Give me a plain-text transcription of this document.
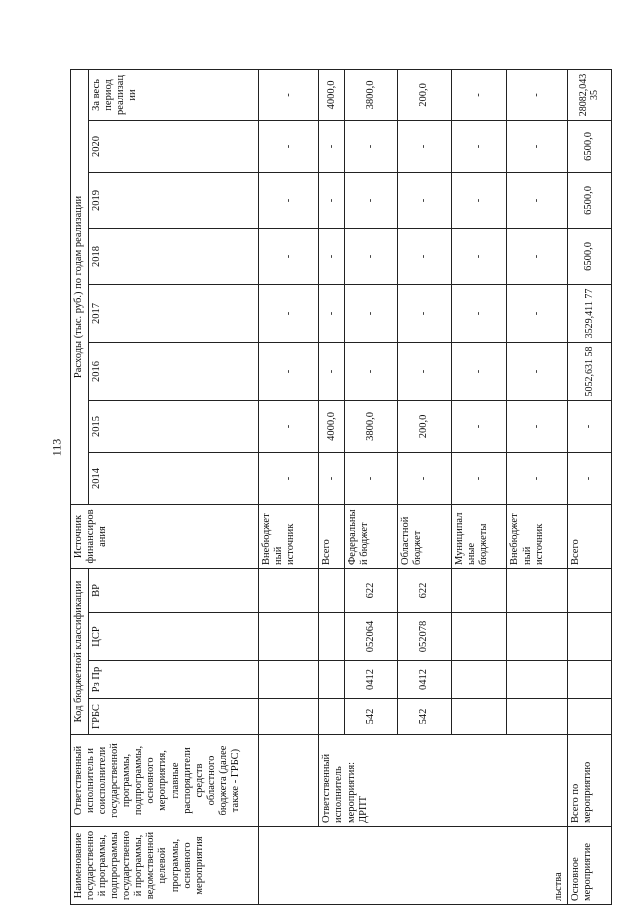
113
Наименование государственной программы, подпрограммы государственной программы, ведомственной целевой программы, основного мероприятия	Ответственный исполнитель и соисполнители государственной программы, подпрограммы, основного мероприятия, главные распорядители средств областного бюджета (далее также - ГРБС)	Код бюджетной классификации				Источник финансирования	Расходы (тыс. руб.) по годам реализации							
		ГРБС	Рз Пр	ЦСР	ВР		2014	2015	2016	2017	2018	2019	2020	За весь период реализации
льства						Внебюджетный источник	-	-	-	-	-	-	-	-
	Ответственный исполнитель мероприятия: ДРПТ					Всего	-	4000,0	-	-	-	-	-	4000,0
		542	0412	052064	622	Федеральный бюджет	-	3800,0	-	-	-	-	-	3800,0
		542	0412	052078	622	Областной бюджет	-	200,0	-	-	-	-	-	200,0
						Муниципальные бюджеты	-	-	-	-	-	-	-	-
						Внебюджетный источник	-	-	-	-	-	-	-	-
Основное мероприятие	Всего по мероприятию					Всего	-	-	5052,631 58	3529,411 77	6500,0	6500,0	6500,0	28082,043 35
